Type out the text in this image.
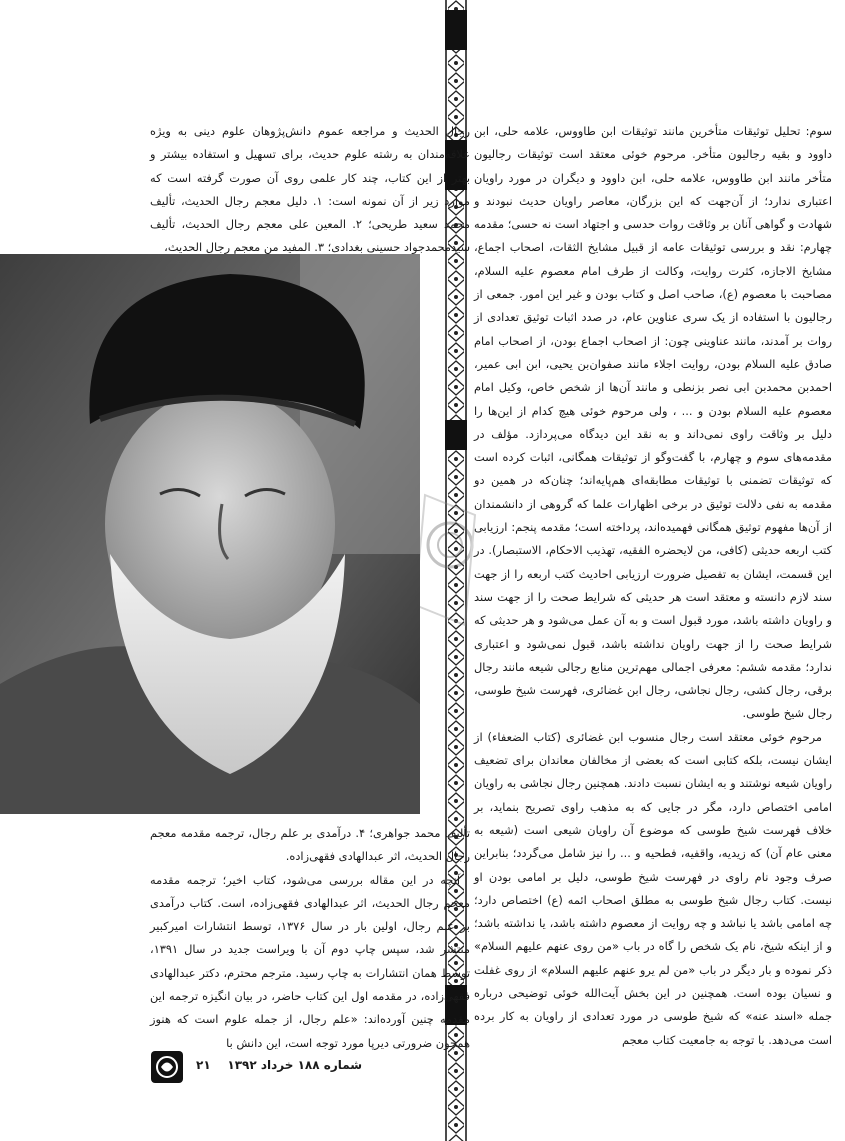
سوم: تحلیل توثیقات متأخرین مانند توثیقات ابن طاووس، علامه حلی، ابن داوود و بقیه رجالیون متأخر. مرحوم خوئی معتقد است توثیقات رجالیون متأخر مانند ابن طاووس، علامه حلی، ابن داوود و دیگران در مورد راویان اعتباری ندارد؛ از آن‌جهت که این بزرگان، معاصر راویان حدیث نبودند و شهادت و گواهی آنان بر وثاقت روات حدسی و اجتهاد است نه حسی؛ مقدمه چهارم: نقد و بررسی توثیقات عامه از قبیل مشایخ الثقات، اصحاب اجماع، مشایخ الاجازه، کثرت روایت، وکالت از طرف امام معصوم علیه السلام، مصاحبت با معصوم (ع)، صاحب اصل و کتاب بودن و غیر این امور. جمعی از رجالیون با استفاده از یک سری عناوین عام، در صدد اثبات توثیق تعدادی از روات بر آمدند، مانند عناوینی چون: از اصحاب اجماع بودن، از اصحاب امام صادق علیه السلام بودن، روایت اجلاء مانند صفوان‌بن یحیی، ابن ابی عمیر، احمدبن محمدبن ابی نصر بزنطی و مانند آن‌ها از شخص خاص، وکیل امام معصوم علیه السلام بودن و ... ، ولی مرحوم خوئی هیچ کدام از این‌ها را دلیل بر وثاقت راوی نمی‌داند و به نقد این دیدگاه می‌پردازد. مؤلف در مقدمه‌های سوم و چهارم، با گفت‌وگو از توثیقات همگانی، اثبات کرده است که توثیقات تضمنی با توثیقات مطابقه‌ای هم‌پایه‌اند؛ چنان‌که در همین دو مقدمه به نفی دلالت توثیق در برخی اظهارات علما که گروهی از دانشمندان از آن‌ها مفهوم توثیق همگانی فهمیده‌اند، پرداخته است؛ مقدمه پنجم: ارزیابی کتب اربعه حدیثی (کافی، من لایحضره الفقیه، تهذیب الاحکام، الاستبصار). در این قسمت، ایشان به تفصیل ضرورت ارزیابی احادیث کتب اربعه را از جهت سند لازم دانسته و معتقد است هر حدیثی که شرایط صحت را از جهت سند و راویان داشته باشد، مورد قبول است و به آن عمل می‌شود و هر حدیثی که شرایط صحت را از جهت راویان نداشته باشد، قبول نمی‌شود و اعتباری ندارد؛ مقدمه ششم: معرفی اجمالی مهم‌ترین منابع رجالی شیعه مانند رجال برقی، رجال کشی، رجال نجاشی، رجال ابن غضائری، فهرست شیخ طوسی، رجال شیخ طوسی.

مرحوم خوئی معتقد است رجال منسوب ابن غضائری (کتاب الضعفاء) از ایشان نیست، بلکه کتابی است که بعضی از مخالفان معاندان برای تضعیف راویان شیعه نوشتند و به ایشان نسبت دادند. همچنین رجال نجاشی به راویان امامی اختصاص دارد، مگر در جایی که به مذهب راوی تصریح بنماید، بر خلاف فهرست شیخ طوسی که موضوع آن راویان شیعی است (شیعه به معنی عام آن) که زیدیه، واقفیه، فطحیه و ... را نیز شامل می‌گردد؛ بنابراین صرف وجود نام راوی در فهرست شیخ طوسی، دلیل بر امامی بودن او نیست. کتاب رجال شیخ طوسی به مطلق اصحاب ائمه (ع) اختصاص دارد؛ چه امامی باشد یا نباشد و چه روایت از معصوم داشته باشد، یا نداشته باشد؛ و از اینکه شیخ، نام یک شخص را گاه در باب «من روی عنهم علیهم السلام» ذکر نموده و بار دیگر در باب «من لم یرو عنهم علیهم السلام» از روی غفلت و نسیان بوده است. همچنین در این بخش آیت‌الله خوئی توضیحی درباره جمله «اسند عنه» که شیخ طوسی در مورد تعدادی از راویان به کار برده است می‌دهد. با توجه به جامعیت کتاب معجم

رجال الحدیث و مراجعه عموم دانش‌پژوهان علوم دینی به ویژه علاقه‌مندان به رشته علوم حدیث، برای تسهیل و استفاده بیشتر و بهتر از این کتاب، چند کار علمی روی آن صورت گرفته است که موارد زیر از آن نمونه است: ۱. دلیل معجم رجال الحدیث، تألیف محمد سعید طریحی؛ ۲. المعین علی معجم رجال الحدیث، تألیف سیدمحمدجواد حسینی بغدادی؛ ۳. المفید من معجم رجال الحدیث،

تألیف محمد جواهری؛ ۴. درآمدی بر علم رجال، ترجمه مقدمه معجم رجال الحدیث، اثر عبدالهادی فقهی‌زاده.

آنچه در این مقاله بررسی می‌شود، کتاب اخیر؛ ترجمه مقدمه معجم رجال الحدیث، اثر عبدالهادی فقهی‌زاده، است. کتاب درآمدی بر علم رجال، اولین بار در سال ۱۳۷۶، توسط انتشارات امیرکبیر منتشر شد، سپس چاپ دوم آن با ویراست جدید در سال ۱۳۹۱، توسط همان انتشارات به چاپ رسید. مترجم محترم، دکتر عبدالهادی فقهی‌زاده، در مقدمه اول این کتاب حاضر، در بیان انگیزه ترجمه این مقدمه چنین آورده‌اند: «علم رجال، از جمله علوم است که هنوز همچون ضرورتی دیرپا مورد توجه است، این دانش با

شماره ۱۸۸ خرداد ۱۳۹۲    ۲۱
